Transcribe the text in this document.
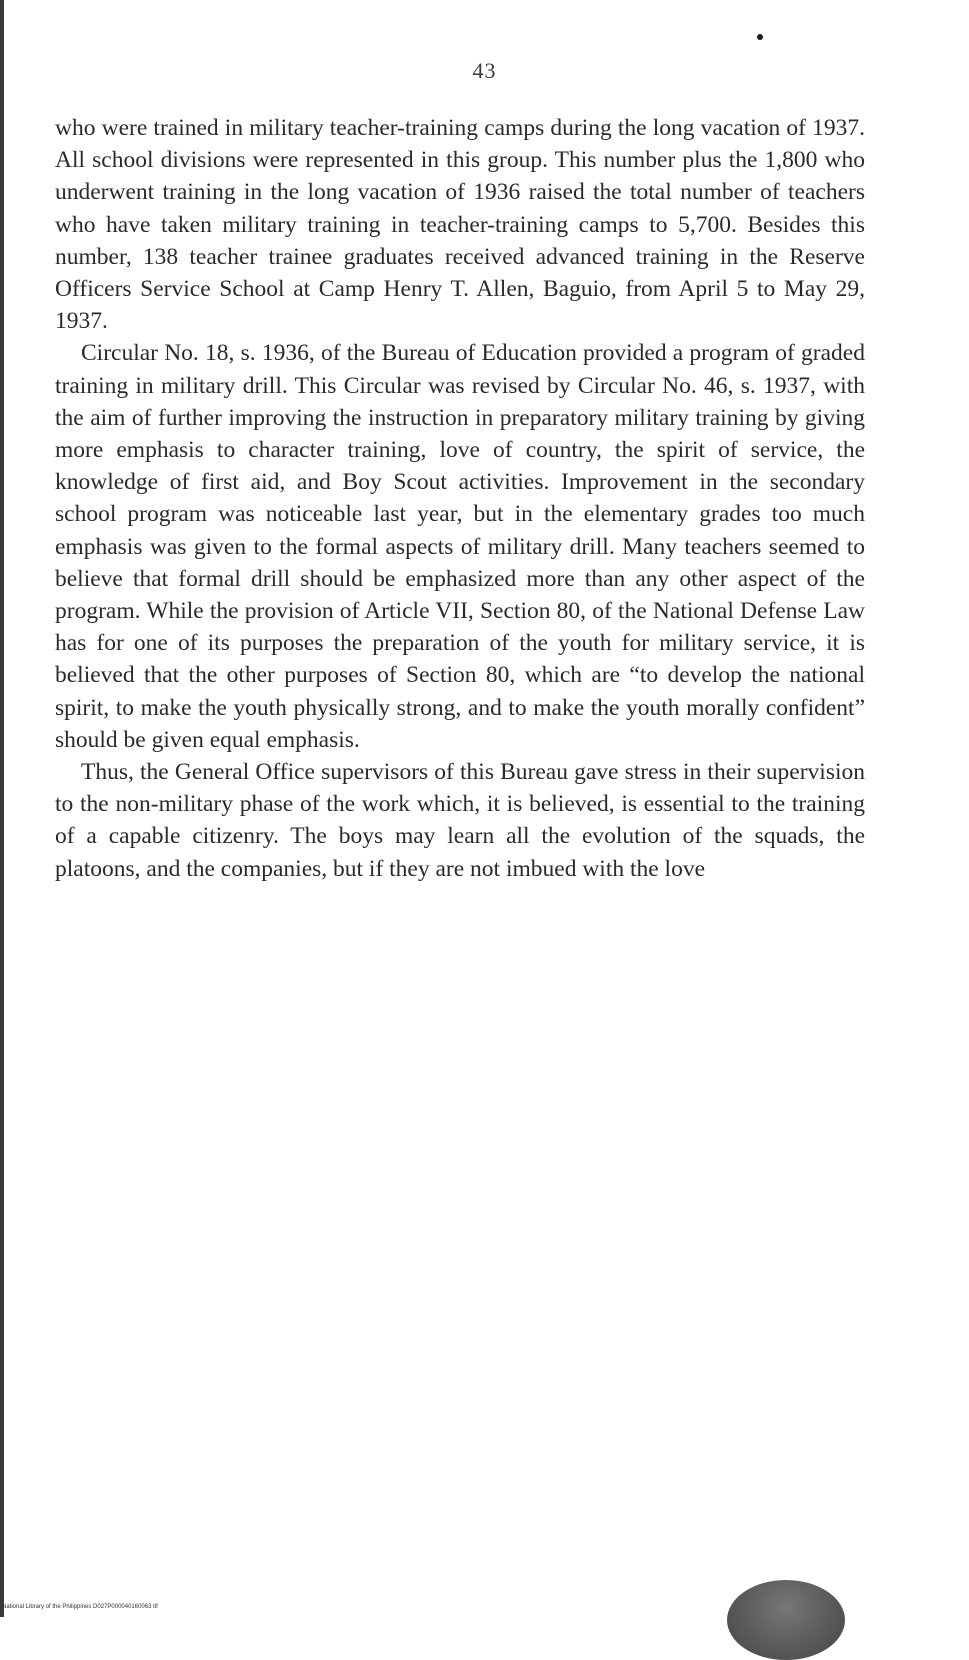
43

who were trained in military teacher-training camps during the long vacation of 1937. All school divisions were represented in this group. This number plus the 1,800 who underwent training in the long vacation of 1936 raised the total number of teachers who have taken military training in teacher-training camps to 5,700. Besides this number, 138 teacher trainee graduates received advanced training in the Reserve Officers Service School at Camp Henry T. Allen, Baguio, from April 5 to May 29, 1937.

Circular No. 18, s. 1936, of the Bureau of Education provided a program of graded training in military drill. This Circular was revised by Circular No. 46, s. 1937, with the aim of further improving the instruction in preparatory military training by giving more emphasis to character training, love of country, the spirit of service, the knowledge of first aid, and Boy Scout activities. Improvement in the secondary school program was noticeable last year, but in the elementary grades too much emphasis was given to the formal aspects of military drill. Many teachers seemed to believe that formal drill should be emphasized more than any other aspect of the program. While the provision of Article VII, Section 80, of the National Defense Law has for one of its purposes the preparation of the youth for military service, it is believed that the other purposes of Section 80, which are “to develop the national spirit, to make the youth physically strong, and to make the youth morally confident” should be given equal emphasis.

Thus, the General Office supervisors of this Bureau gave stress in their supervision to the non-military phase of the work which, it is believed, is essential to the training of a capable citizenry. The boys may learn all the evolution of the squads, the platoons, and the companies, but if they are not imbued with the love

National Library of the Philippines D027P000040160063 tif
